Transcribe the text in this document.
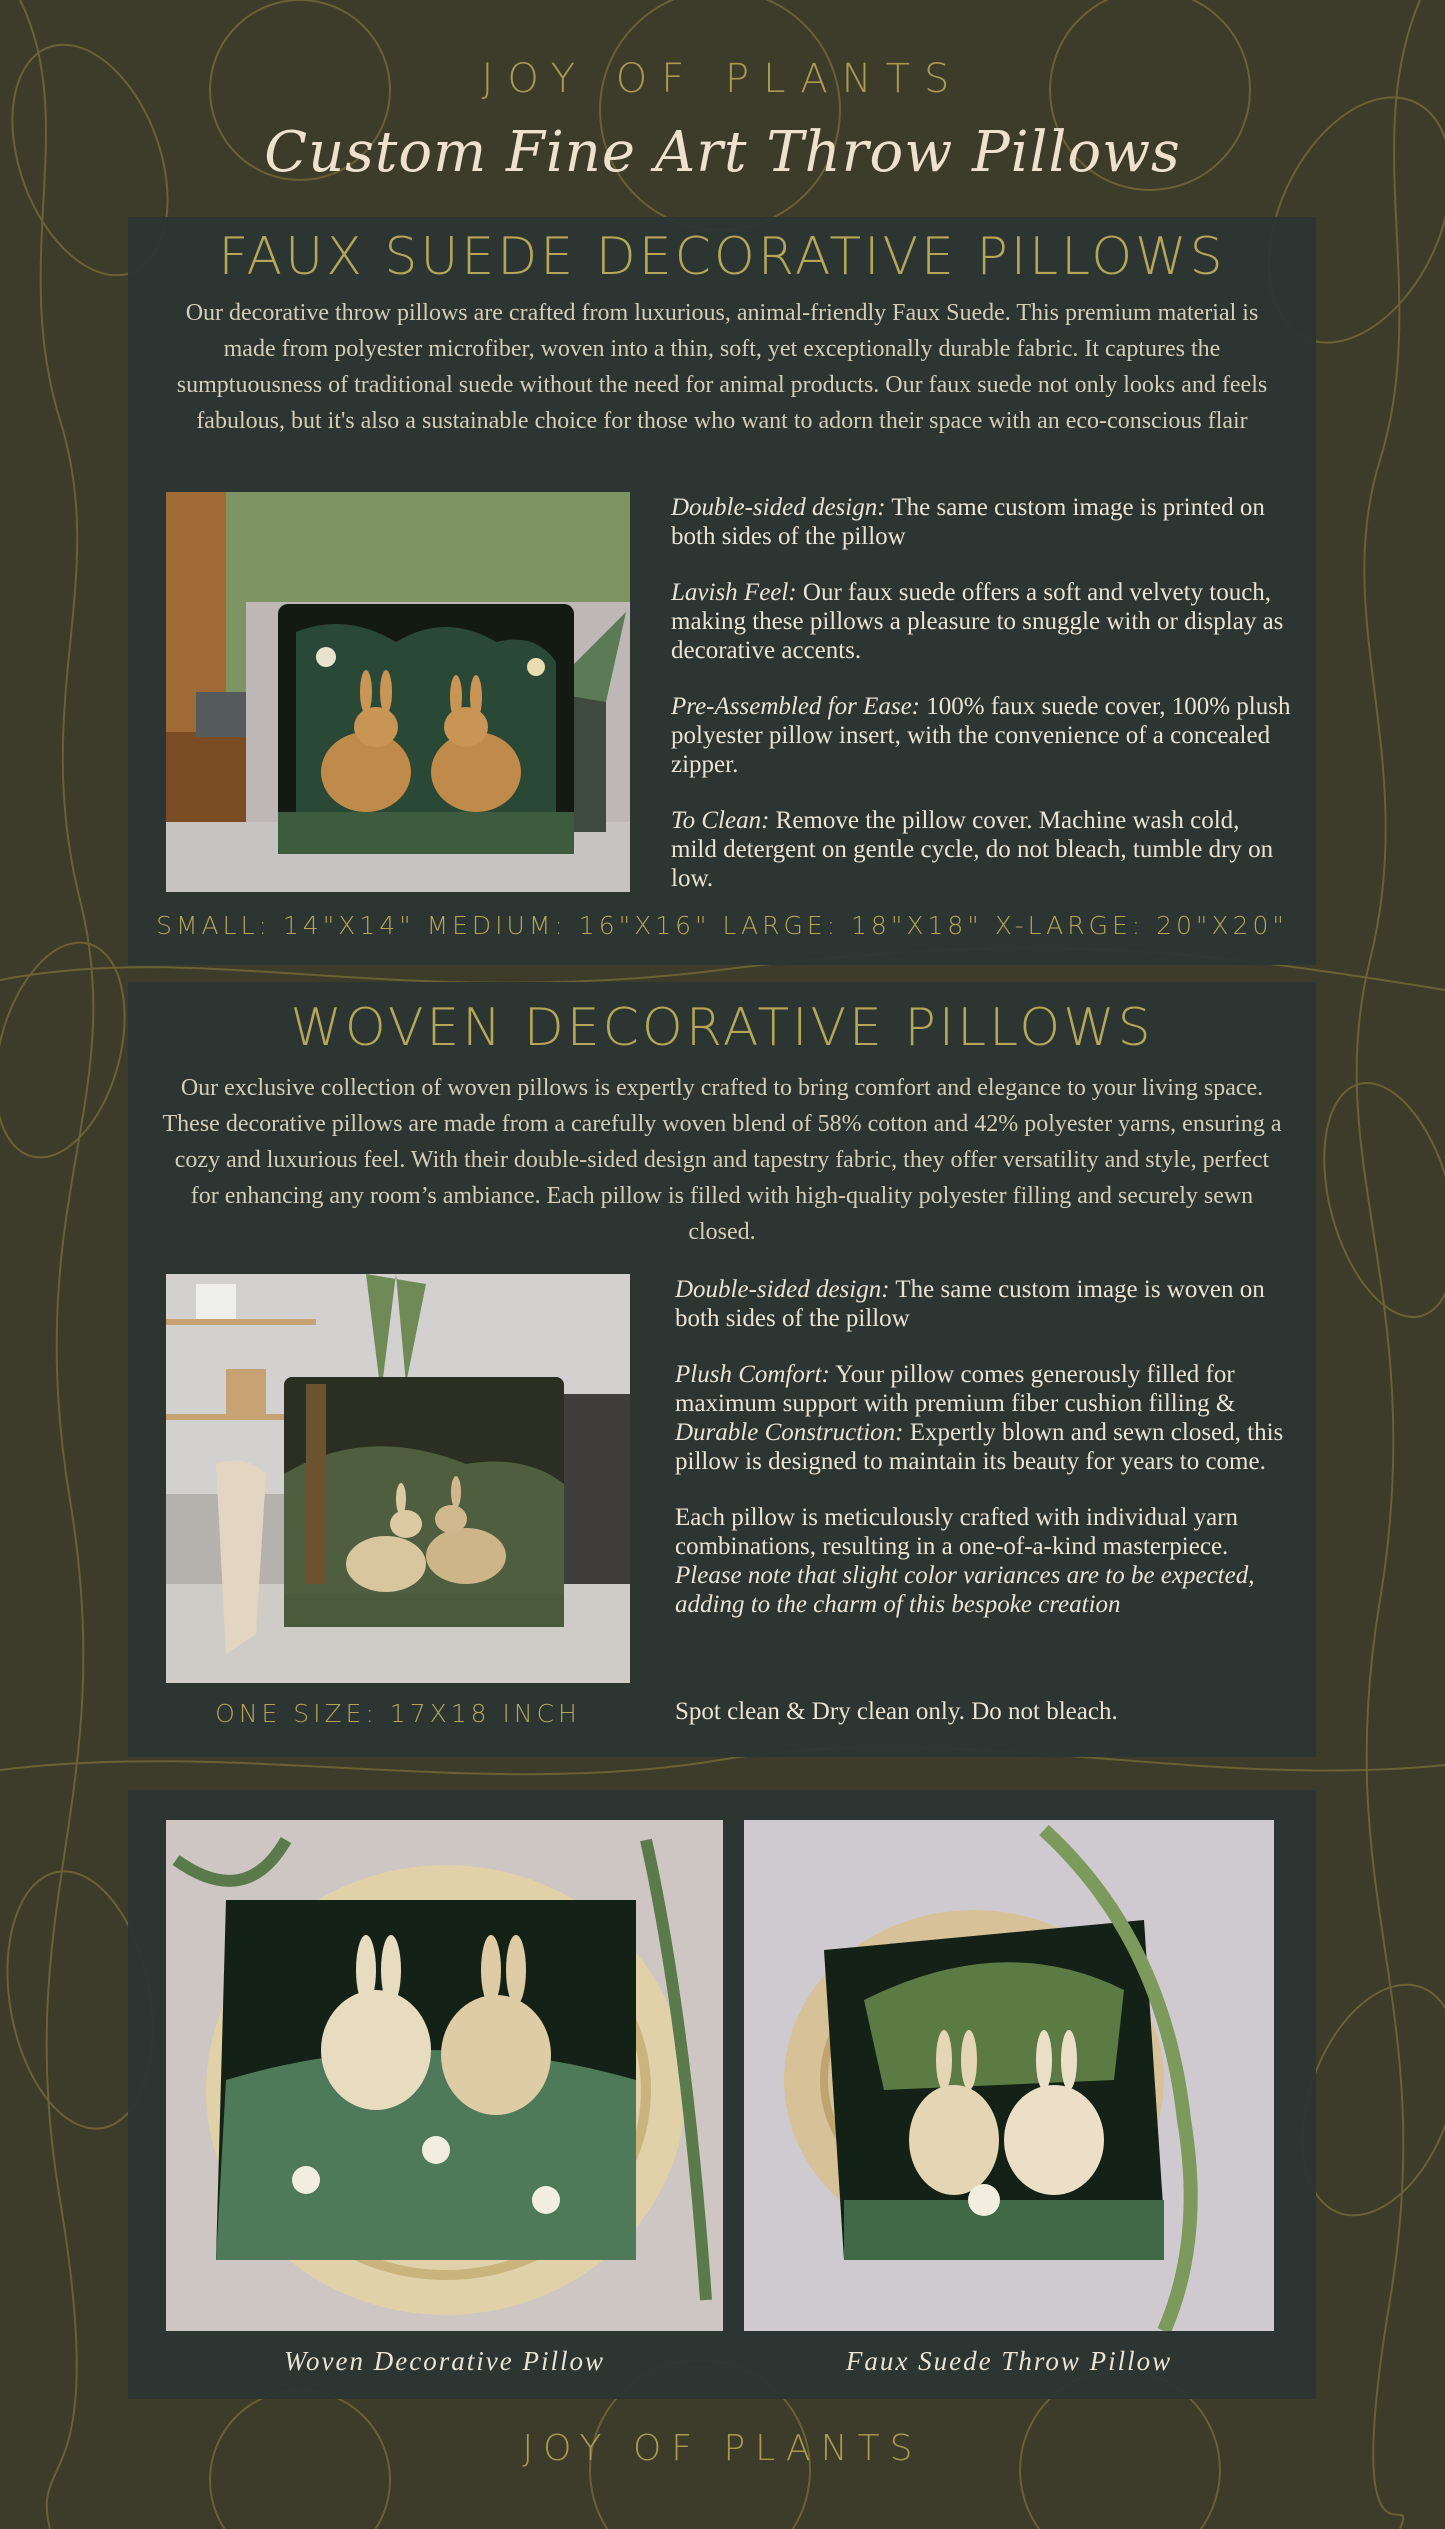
JOY OF PLANTS
Custom Fine Art Throw Pillows
FAUX SUEDE DECORATIVE PILLOWS

Our decorative throw pillows are crafted from luxurious, animal-friendly Faux Suede. This premium material is made from polyester microfiber, woven into a thin, soft, yet exceptionally durable fabric. It captures the sumptuousness of traditional suede without the need for animal products. Our faux suede not only looks and feels fabulous, but it's also a sustainable choice for those who want to adorn their space with an eco-conscious flair

Double-sided design: The same custom image is printed on both sides of the pillow

Lavish Feel: Our faux suede offers a soft and velvety touch, making these pillows a pleasure to snuggle with or display as decorative accents.

Pre-Assembled for Ease: 100% faux suede cover, 100% plush polyester pillow insert, with the convenience of a concealed zipper.

To Clean: Remove the pillow cover. Machine wash cold, mild detergent on gentle cycle, do not bleach, tumble dry on low.

SMALL: 14"X14" MEDIUM: 16"X16" LARGE: 18"X18" X-LARGE: 20"X20"
WOVEN DECORATIVE PILLOWS

Our exclusive collection of woven pillows is expertly crafted to bring comfort and elegance to your living space. These decorative pillows are made from a carefully woven blend of 58% cotton and 42% polyester yarns, ensuring a cozy and luxurious feel. With their double-sided design and tapestry fabric, they offer versatility and style, perfect for enhancing any room’s ambiance. Each pillow is filled with high-quality polyester filling and securely sewn closed.

Double-sided design: The same custom image is woven on both sides of the pillow

Plush Comfort: Your pillow comes generously filled for maximum support with premium fiber cushion filling & Durable Construction: Expertly blown and sewn closed, this pillow is designed to maintain its beauty for years to come.

Each pillow is meticulously crafted with individual yarn combinations, resulting in a one-of-a-kind masterpiece. Please note that slight color variances are to be expected, adding to the charm of this bespoke creation

ONE SIZE: 17X18 INCH	Spot clean & Dry clean only. Do not bleach.
Woven Decorative Pillow	Faux Suede Throw Pillow
JOY OF PLANTS
